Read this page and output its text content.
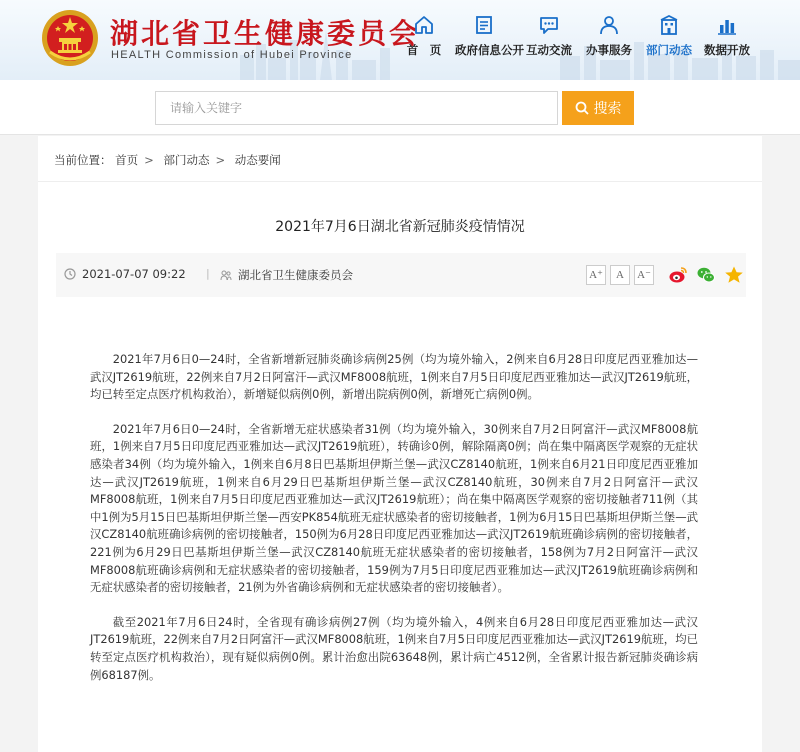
湖北省卫生健康委员会
HEALTH Commission of Hubei Province	首　页	政府信息公开 互动交流	办事服务	部门动态	数据开放
请输入关键字
搜索
当前位置： 首页 > 部门动态 > 动态要闻
2021年7月6日湖北省新冠肺炎疫情情况
2021-07-07 09:22 | 湖北省卫生健康委员会	A⁺	A	A⁻

2021年7月6日0—24时，全省新增新冠肺炎确诊病例25例（均为境外输入，2例来自6月28日印度尼西亚雅加达—武汉JT2619航班，22例来自7月2日阿富汗—武汉MF8008航班，1例来自7月5日印度尼西亚雅加达—武汉JT2619航班，均已转至定点医疗机构救治），新增疑似病例0例，新增出院病例0例，新增死亡病例0例。

2021年7月6日0—24时，全省新增无症状感染者31例（均为境外输入，30例来自7月2日阿富汗—武汉MF8008航班，1例来自7月5日印度尼西亚雅加达—武汉JT2619航班），转确诊0例，解除隔离0例；尚在集中隔离医学观察的无症状感染者34例（均为境外输入，1例来自6月8日巴基斯坦伊斯兰堡—武汉CZ8140航班，1例来自6月21日印度尼西亚雅加达—武汉JT2619航班，1例来自6月29日巴基斯坦伊斯兰堡—武汉CZ8140航班，30例来自7月2日阿富汗—武汉MF8008航班，1例来自7月5日印度尼西亚雅加达—武汉JT2619航班）；尚在集中隔离医学观察的密切接触者711例（其中1例为5月15日巴基斯坦伊斯兰堡—西安PK854航班无症状感染者的密切接触者，1例为6月15日巴基斯坦伊斯兰堡—武汉CZ8140航班确诊病例的密切接触者，150例为6月28日印度尼西亚雅加达—武汉JT2619航班确诊病例的密切接触者，221例为6月29日巴基斯坦伊斯兰堡—武汉CZ8140航班无症状感染者的密切接触者，158例为7月2日阿富汗—武汉MF8008航班确诊病例和无症状感染者的密切接触者，159例为7月5日印度尼西亚雅加达—武汉JT2619航班确诊病例和无症状感染者的密切接触者，21例为外省确诊病例和无症状感染者的密切接触者）。

截至2021年7月6日24时，全省现有确诊病例27例（均为境外输入，4例来自6月28日印度尼西亚雅加达—武汉JT2619航班，22例来自7月2日阿富汗—武汉MF8008航班，1例来自7月5日印度尼西亚雅加达—武汉JT2619航班，均已转至定点医疗机构救治），现有疑似病例0例。累计治愈出院63648例，累计病亡4512例，全省累计报告新冠肺炎确诊病例68187例。
